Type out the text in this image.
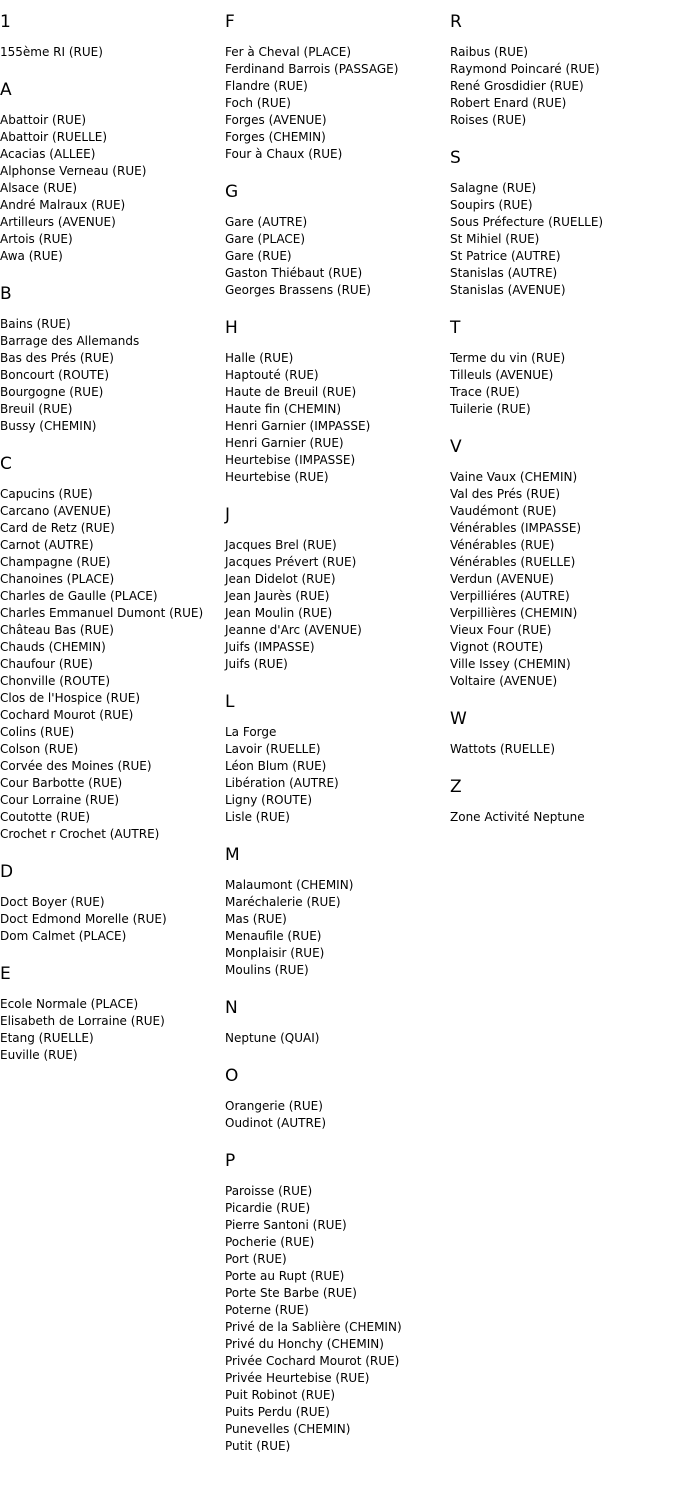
1
155ème RI (RUE)
A
Abattoir (RUE)
Abattoir (RUELLE)
Acacias (ALLEE)
Alphonse Verneau (RUE)
Alsace (RUE)
André Malraux (RUE)
Artilleurs (AVENUE)
Artois (RUE)
Awa (RUE)
B
Bains (RUE)
Barrage des Allemands
Bas des Prés (RUE)
Boncourt (ROUTE)
Bourgogne (RUE)
Breuil (RUE)
Bussy (CHEMIN)
C
Capucins (RUE)
Carcano (AVENUE)
Card de Retz (RUE)
Carnot (AUTRE)
Champagne (RUE)
Chanoines (PLACE)
Charles de Gaulle (PLACE)
Charles Emmanuel Dumont (RUE)
Château Bas (RUE)
Chauds (CHEMIN)
Chaufour (RUE)
Chonville (ROUTE)
Clos de l'Hospice (RUE)
Cochard Mourot (RUE)
Colins (RUE)
Colson (RUE)
Corvée des Moines (RUE)
Cour Barbotte (RUE)
Cour Lorraine (RUE)
Coutotte (RUE)
Crochet r Crochet (AUTRE)
D
Doct Boyer (RUE)
Doct Edmond Morelle (RUE)
Dom Calmet (PLACE)
E
Ecole Normale (PLACE)
Elisabeth de Lorraine (RUE)
Etang (RUELLE)
Euville (RUE)
F
Fer à Cheval (PLACE)
Ferdinand Barrois (PASSAGE)
Flandre (RUE)
Foch (RUE)
Forges (AVENUE)
Forges (CHEMIN)
Four à Chaux (RUE)
G
Gare (AUTRE)
Gare (PLACE)
Gare (RUE)
Gaston Thiébaut (RUE)
Georges Brassens (RUE)
H
Halle (RUE)
Haptouté (RUE)
Haute de Breuil (RUE)
Haute fin (CHEMIN)
Henri Garnier (IMPASSE)
Henri Garnier (RUE)
Heurtebise (IMPASSE)
Heurtebise (RUE)
J
Jacques Brel (RUE)
Jacques Prévert (RUE)
Jean Didelot (RUE)
Jean Jaurès (RUE)
Jean Moulin (RUE)
Jeanne d'Arc (AVENUE)
Juifs (IMPASSE)
Juifs (RUE)
L
La Forge
Lavoir (RUELLE)
Léon Blum (RUE)
Libération (AUTRE)
Ligny (ROUTE)
Lisle (RUE)
M
Malaumont (CHEMIN)
Maréchalerie (RUE)
Mas (RUE)
Menaufile (RUE)
Monplaisir (RUE)
Moulins (RUE)
N
Neptune (QUAI)
O
Orangerie (RUE)
Oudinot (AUTRE)
P
Paroisse (RUE)
Picardie (RUE)
Pierre Santoni (RUE)
Pocherie (RUE)
Port (RUE)
Porte au Rupt (RUE)
Porte Ste Barbe (RUE)
Poterne (RUE)
Privé de la Sablière (CHEMIN)
Privé du Honchy (CHEMIN)
Privée Cochard Mourot (RUE)
Privée Heurtebise (RUE)
Puit Robinot (RUE)
Puits Perdu (RUE)
Punevelles (CHEMIN)
Putit (RUE)
R
Raibus (RUE)
Raymond Poincaré (RUE)
René Grosdidier (RUE)
Robert Enard (RUE)
Roises (RUE)
S
Salagne (RUE)
Soupirs (RUE)
Sous Préfecture (RUELLE)
St Mihiel (RUE)
St Patrice (AUTRE)
Stanislas (AUTRE)
Stanislas (AVENUE)
T
Terme du vin (RUE)
Tilleuls (AVENUE)
Trace (RUE)
Tuilerie (RUE)
V
Vaine Vaux (CHEMIN)
Val des Prés (RUE)
Vaudémont (RUE)
Vénérables (IMPASSE)
Vénérables (RUE)
Vénérables (RUELLE)
Verdun (AVENUE)
Verpilliéres (AUTRE)
Verpillières (CHEMIN)
Vieux Four (RUE)
Vignot (ROUTE)
Ville Issey (CHEMIN)
Voltaire (AVENUE)
W
Wattots (RUELLE)
Z
Zone Activité Neptune
